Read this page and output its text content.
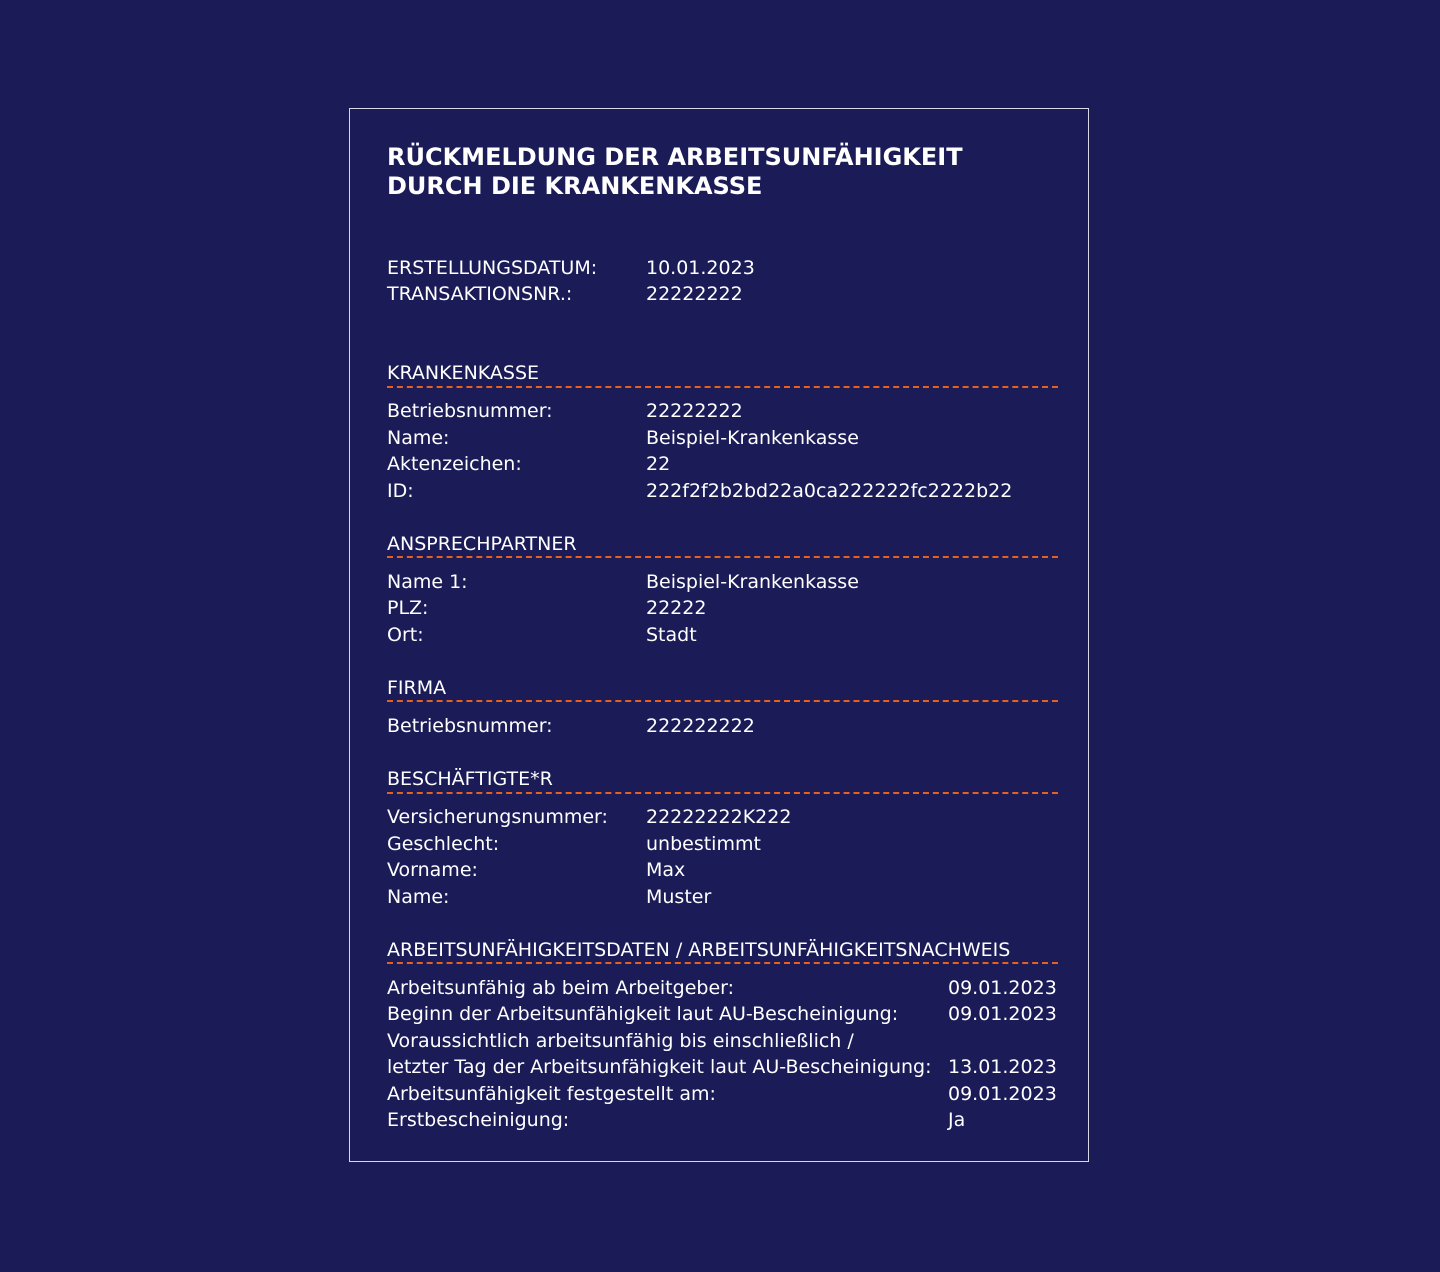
RÜCKMELDUNG DER ARBEITSUNFÄHIGKEIT DURCH DIE KRANKENKASSE
ERSTELLUNGSDATUM:	10.01.2023
TRANSAKTIONSNR.:	22222222
KRANKENKASSE
Betriebsnummer:	22222222
Name:	Beispiel-Krankenkasse
Aktenzeichen:	22
ID:	222f2f2b2bd22a0ca222222fc2222b22
ANSPRECHPARTNER
Name 1:	Beispiel-Krankenkasse
PLZ:	22222
Ort:	Stadt
FIRMA
Betriebsnummer:	222222222
BESCHÄFTIGTE*R
Versicherungsnummer: 22222222K222
Geschlecht:	unbestimmt
Vorname:	Max
Name:	Muster
ARBEITSUNFÄHIGKEITSDATEN / ARBEITSUNFÄHIGKEITSNACHWEIS
Arbeitsunfähig ab beim Arbeitgeber:	09.01.2023
Beginn der Arbeitsunfähigkeit laut AU-Bescheinigung:	09.01.2023
Voraussichtlich arbeitsunfähig bis einschließlich /
letzter Tag der Arbeitsunfähigkeit laut AU-Bescheinigung: 13.01.2023
Arbeitsunfähigkeit festgestellt am:	09.01.2023
Erstbescheinigung:	Ja
